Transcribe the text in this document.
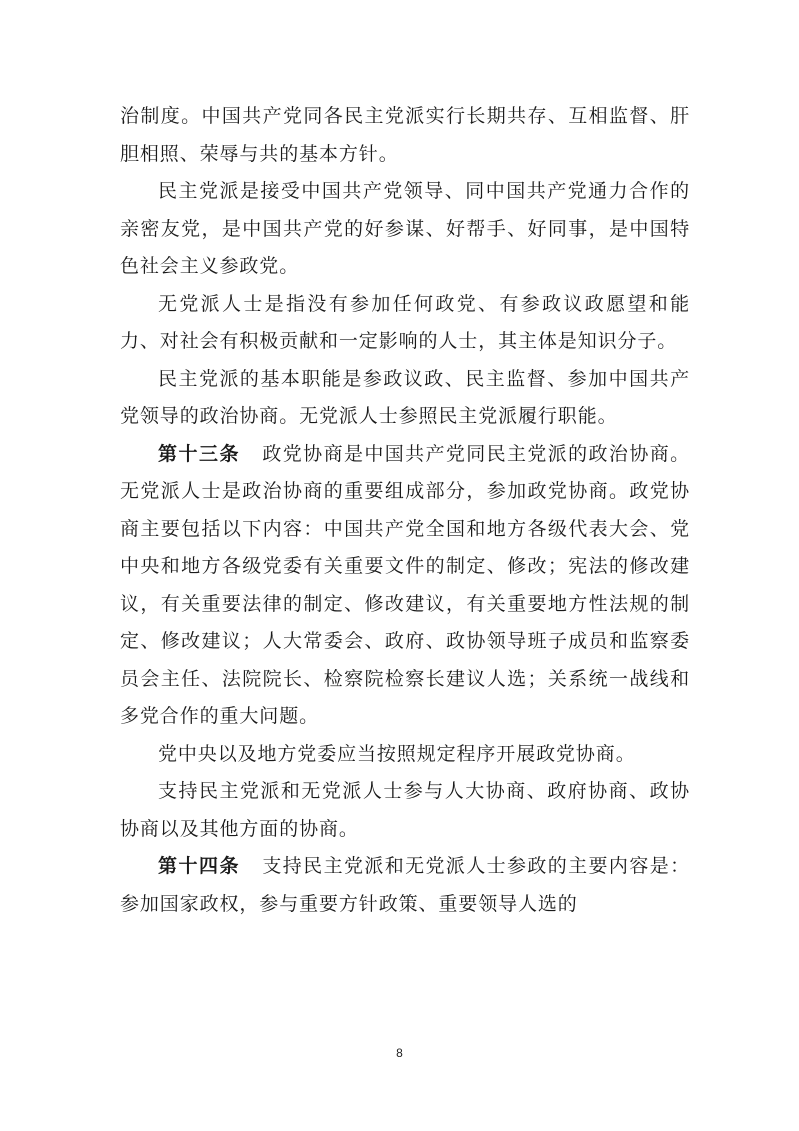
治制度。中国共产党同各民主党派实行长期共存、互相监督、肝胆相照、荣辱与共的基本方针。

民主党派是接受中国共产党领导、同中国共产党通力合作的亲密友党，是中国共产党的好参谋、好帮手、好同事，是中国特色社会主义参政党。

无党派人士是指没有参加任何政党、有参政议政愿望和能力、对社会有积极贡献和一定影响的人士，其主体是知识分子。

民主党派的基本职能是参政议政、民主监督、参加中国共产党领导的政治协商。无党派人士参照民主党派履行职能。

第十三条 政党协商是中国共产党同民主党派的政治协商。无党派人士是政治协商的重要组成部分，参加政党协商。政党协商主要包括以下内容：中国共产党全国和地方各级代表大会、党中央和地方各级党委有关重要文件的制定、修改；宪法的修改建议，有关重要法律的制定、修改建议，有关重要地方性法规的制定、修改建议；人大常委会、政府、政协领导班子成员和监察委员会主任、法院院长、检察院检察长建议人选；关系统一战线和多党合作的重大问题。

党中央以及地方党委应当按照规定程序开展政党协商。

支持民主党派和无党派人士参与人大协商、政府协商、政协协商以及其他方面的协商。

第十四条 支持民主党派和无党派人士参政的主要内容是：参加国家政权，参与重要方针政策、重要领导人选的

8
